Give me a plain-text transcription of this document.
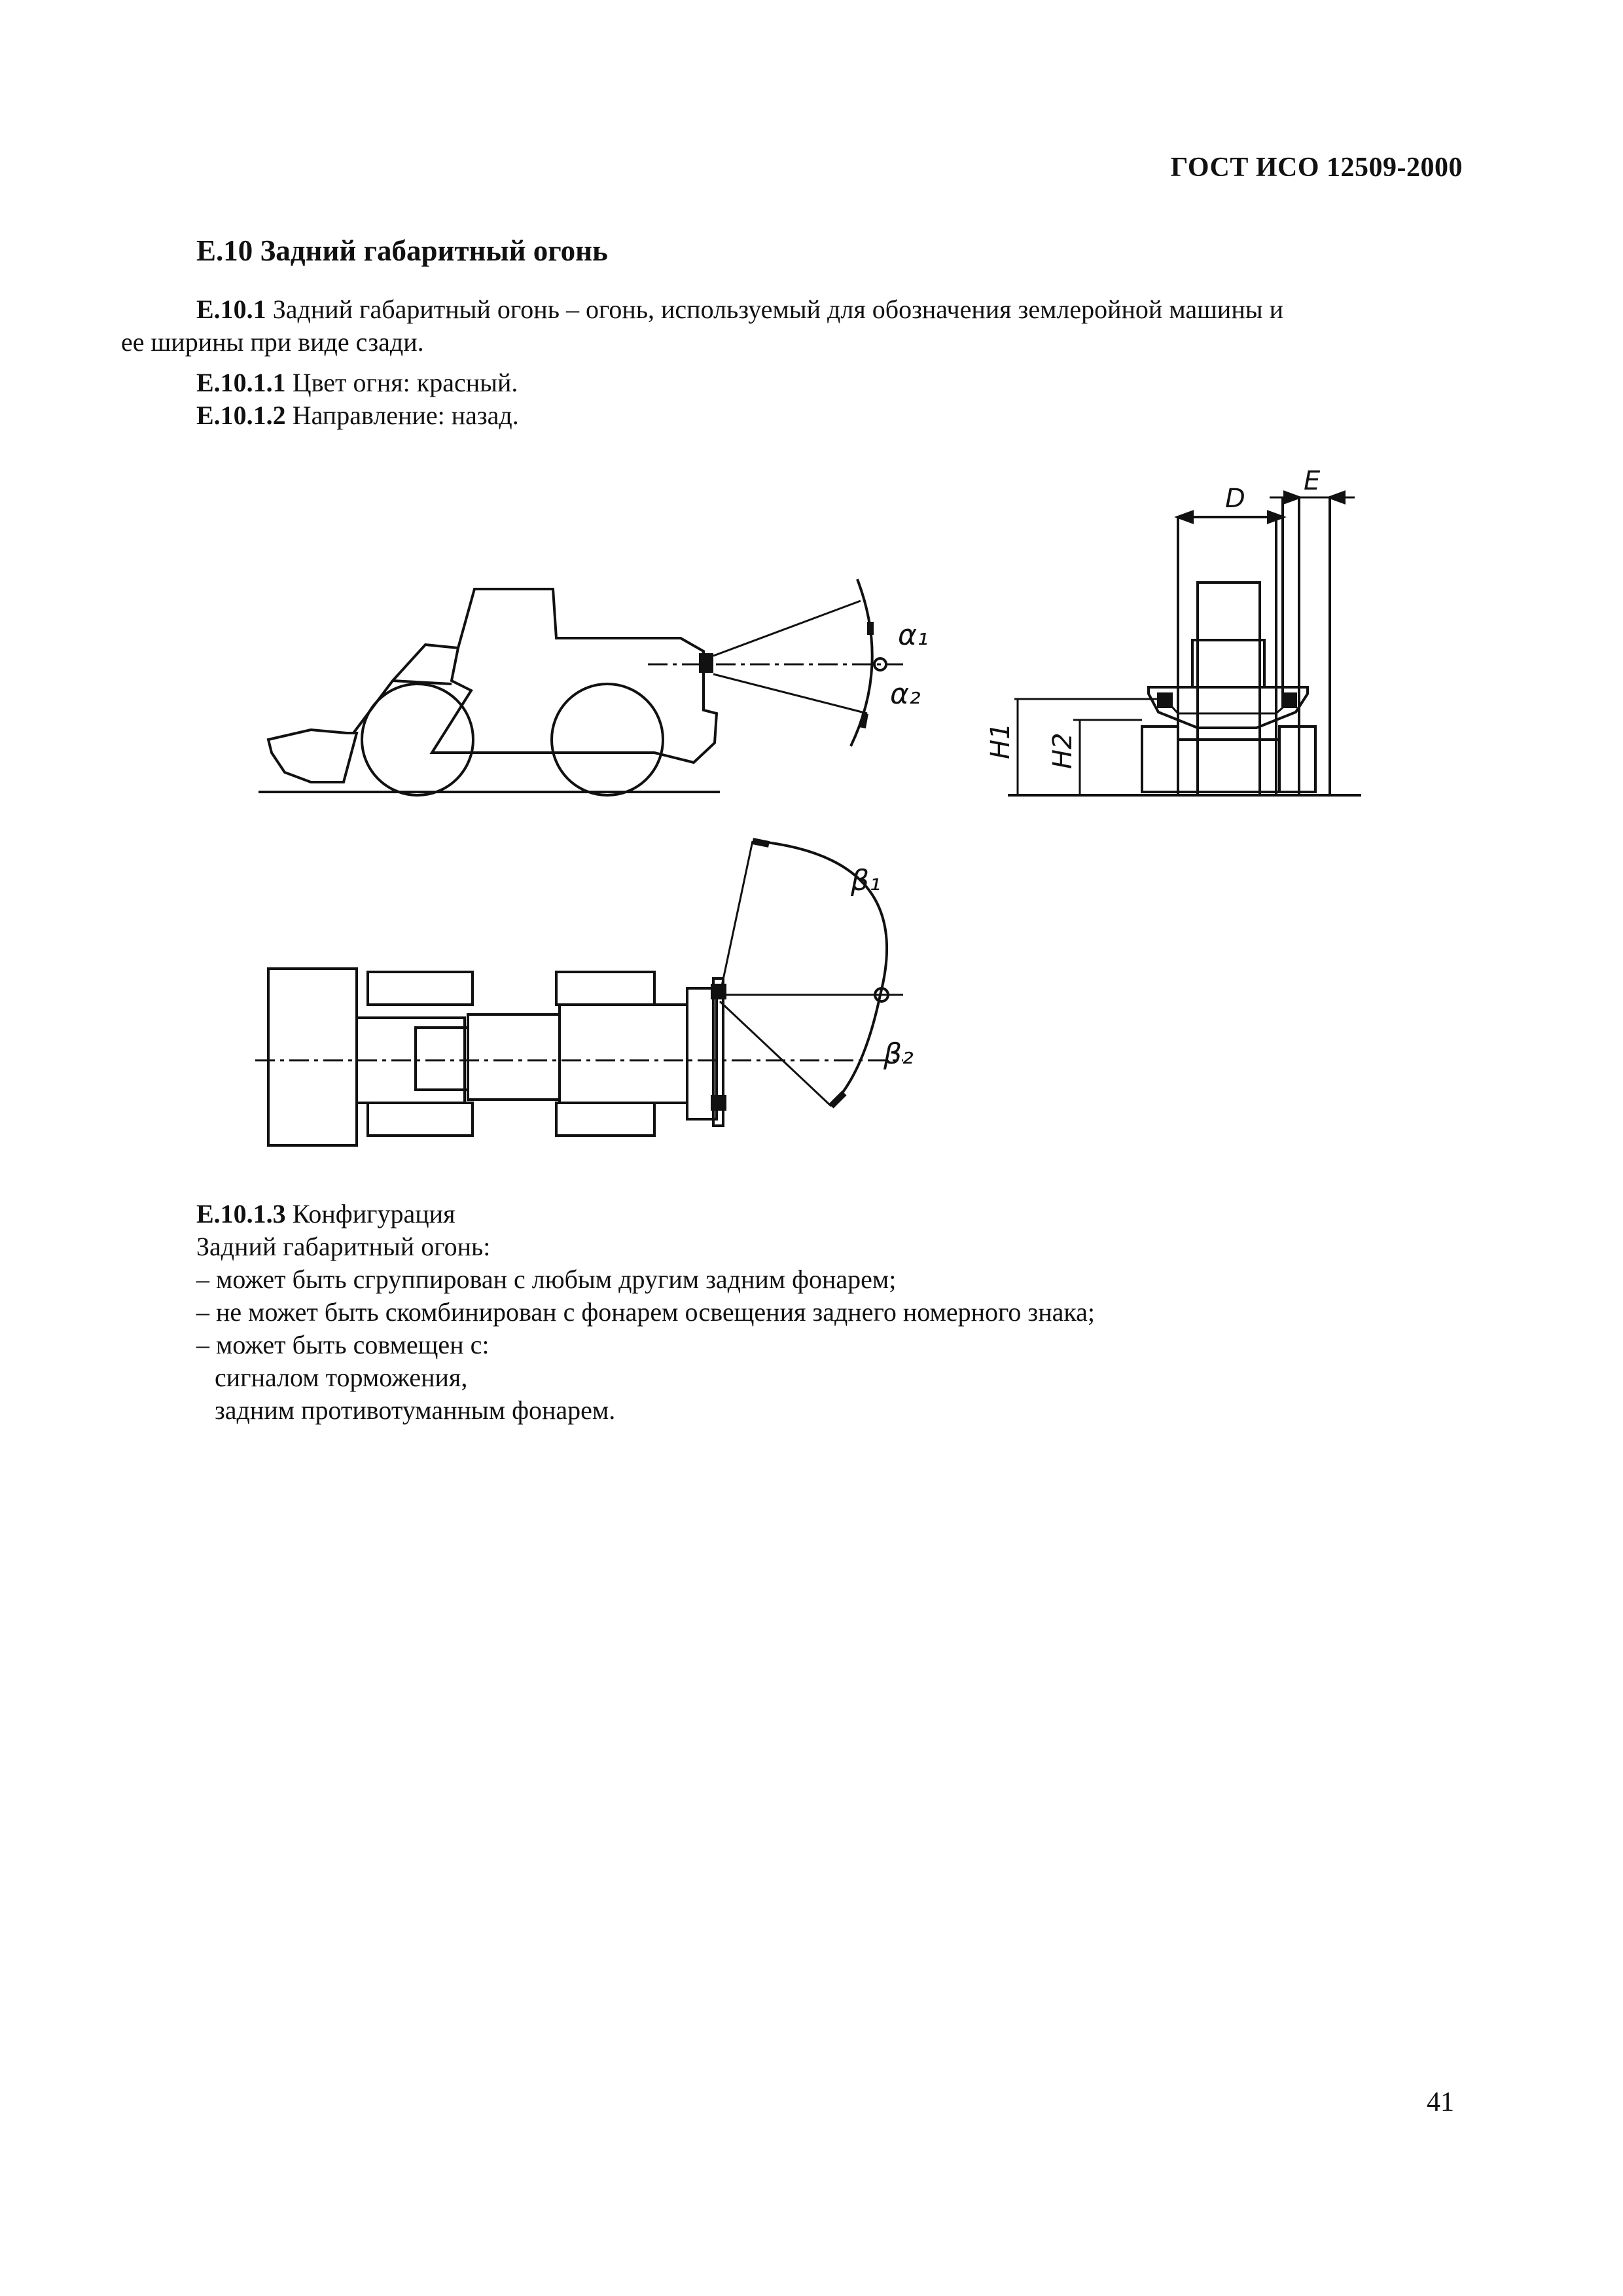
ГОСТ ИСО 12509-2000
Е.10 Задний габаритный огонь
Е.10.1 Задний габаритный огонь – огонь, используемый для обозначения землеройной машины и
ее ширины при виде сзади.
Е.10.1.1 Цвет огня: красный.
Е.10.1.2 Направление: назад.
α₁
α₂
D
E
H1 H2
β₁
β₂
Е.10.1.3 Конфигурация
Задний габаритный огонь:
– может быть сгруппирован с любым другим задним фонарем;
– не может быть скомбинирован с фонарем освещения заднего номерного знака;
– может быть совмещен с:
сигналом торможения,
задним противотуманным фонарем.
41
